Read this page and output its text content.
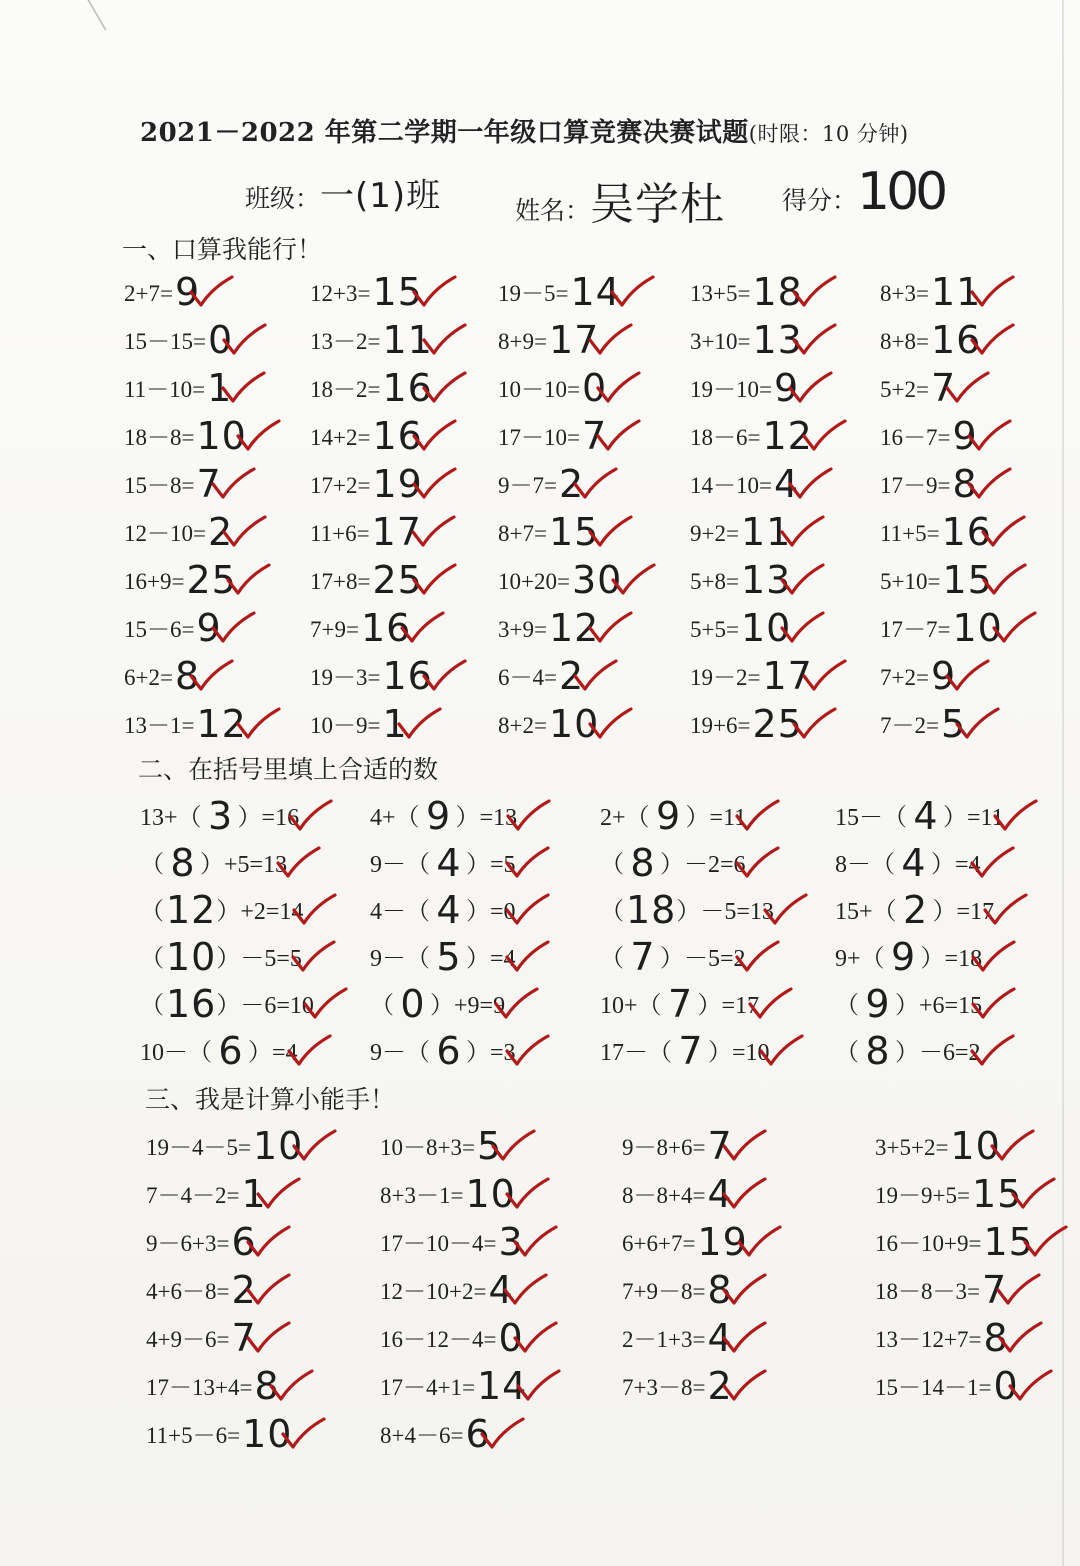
2021－2022 年第二学期一年级口算竞赛决赛试题(时限：10 分钟)
班级：一(1)班	姓名：吴学杜 得分：100
一、口算我能行！
2+7=9
15－15=0
11－10=1
18－8=10
15－8=7
12－10=2
16+9=25
15－6=9
6+2=8
13－1=12
12+3=15
13－2=11
18－2=16
14+2=16
17+2=19
11+6=17
17+8=25
7+9=16
19－3=16
10－9=1
19－5=14
8+9=17
10－10=0
17－10=7
9－7=2
8+7=15
10+20=30
3+9=12
6－4=2
8+2=10
13+5=18
3+10=13
19－10=9
18－6=12
14－10=4
9+2=11
5+8=13
5+5=10
19－2=17
19+6=25
8+3=11
8+8=16
5+2=7
16－7=9
17－9=8
11+5=16
5+10=15
17－7=10
7+2=9
7－2=5
二、在括号里填上合适的数
13+（ 3 ）=16
（ 8 ）+5=13
（12）+2=14
（10）－5=5
（16）－6=10
10－（ 6 ）=4
4+（ 9 ）=13
9－（ 4 ）=5
4－（ 4 ）=0
9－（ 5 ）=4
（ 0 ）+9=9
9－（ 6 ）=3
2+（ 9 ）=11
（ 8 ）－2=6
（18）－5=13
（ 7 ）－5=2
10+（ 7 ）=17
17－（ 7 ）=10
15－（ 4 ）=11
8－（ 4 ）=4
15+（ 2 ）=17
9+（ 9 ）=18
（ 9 ）+6=15
（ 8 ）－6=2
三、我是计算小能手！
19－4－5=10
7－4－2=1
9－6+3=6
4+6－8=2
4+9－6=7
17－13+4=8
11+5－6=10
10－8+3=5
8+3－1=10
17－10－4=3
12－10+2=4
16－12－4=0
17－4+1=14
8+4－6=6
9－8+6=7
8－8+4=4
6+6+7=19
7+9－8=8
2－1+3=4
7+3－8=2
3+5+2=10
19－9+5=15
16－10+9=15
18－8－3=7
13－12+7=8
15－14－1=0
